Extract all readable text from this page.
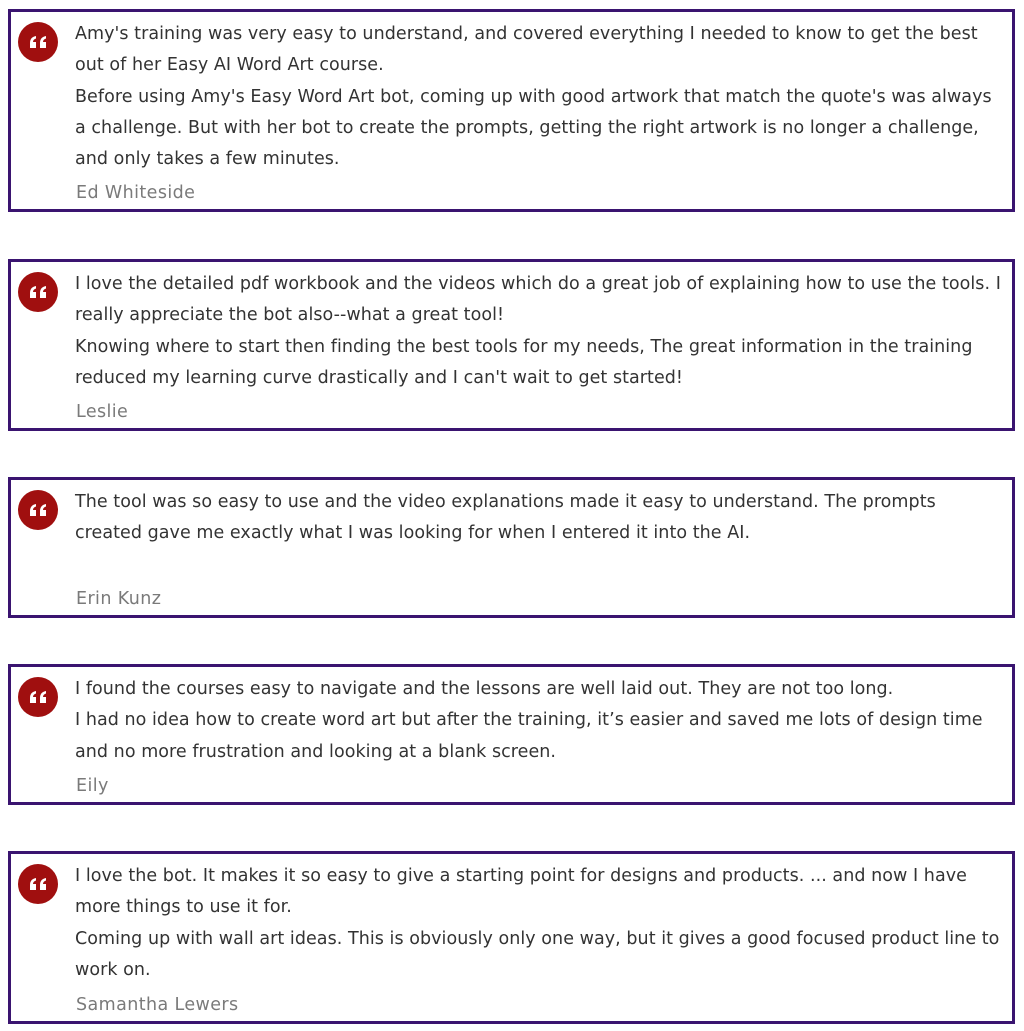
Amy's training was very easy to understand, and covered everything I needed to know to get the best out of her Easy AI Word Art course.
Before using Amy's Easy Word Art bot, coming up with good artwork that match the quote's was always a challenge. But with her bot to create the prompts, getting the right artwork is no longer a challenge, and only takes a few minutes.

Ed Whiteside

I love the detailed pdf workbook and the videos which do a great job of explaining how to use the tools. I really appreciate the bot also--what a great tool!
Knowing where to start then finding the best tools for my needs, The great information in the training reduced my learning curve drastically and I can't wait to get started!

Leslie

The tool was so easy to use and the video explanations made it easy to understand. The prompts created gave me exactly what I was looking for when I entered it into the AI.

Erin Kunz

I found the courses easy to navigate and the lessons are well laid out. They are not too long.
I had no idea how to create word art but after the training, it’s easier and saved me lots of design time and no more frustration and looking at a blank screen.

Eily

I love the bot. It makes it so easy to give a starting point for designs and products. ... and now I have more things to use it for.
Coming up with wall art ideas. This is obviously only one way, but it gives a good focused product line to work on.

Samantha Lewers
